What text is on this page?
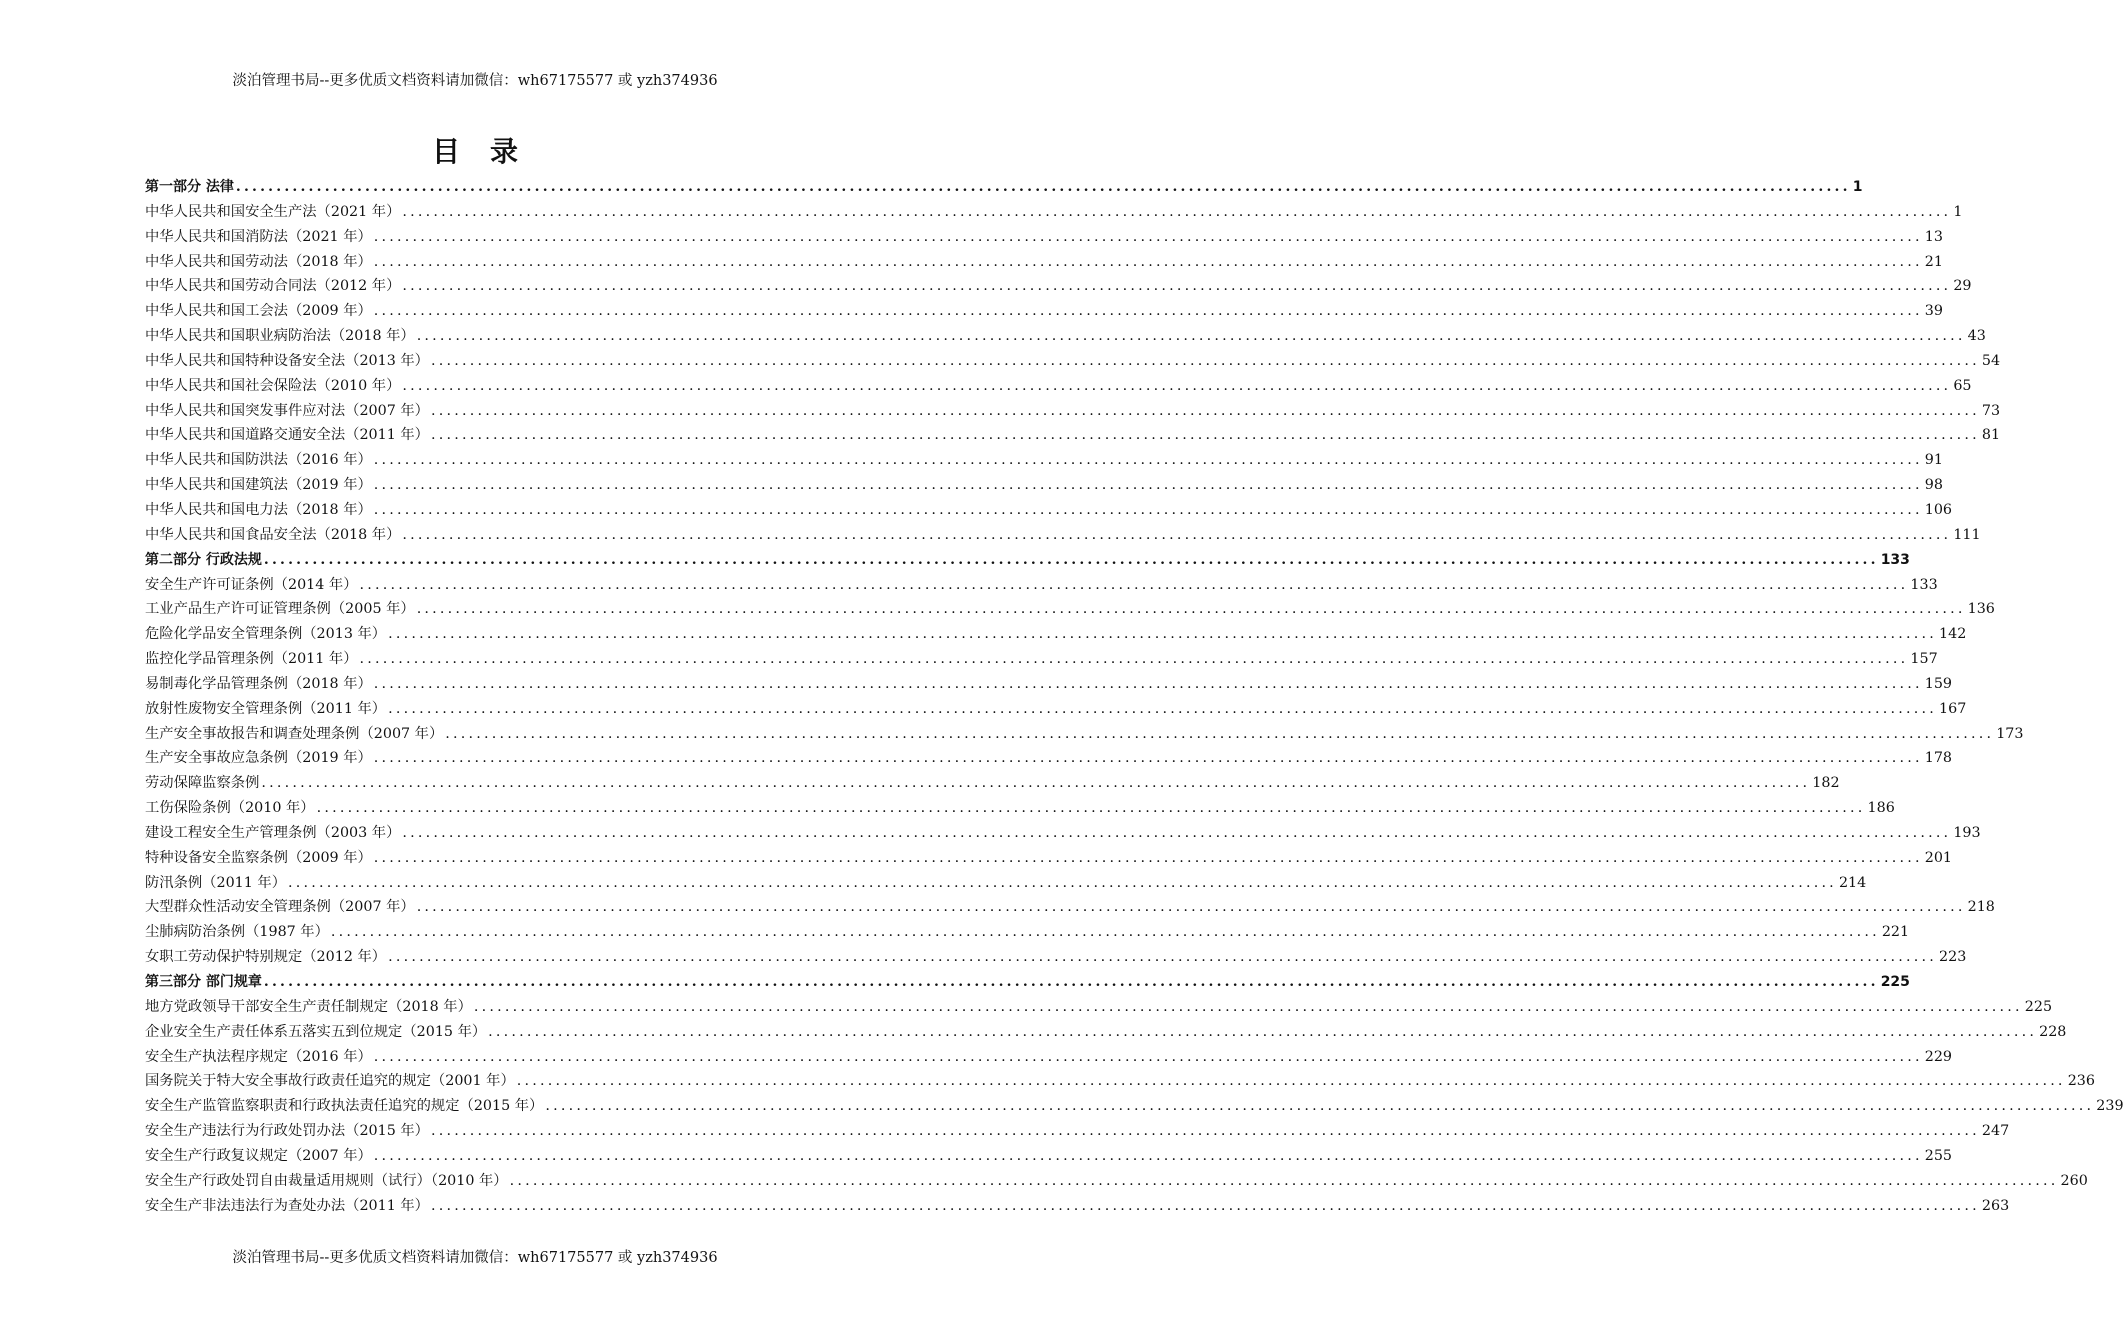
淡泊管理书局--更多优质文档资料请加微信：wh67175577 或 yzh374936
目录
第一部分 法律 ........................................................................................................................................................................................................ 1
中华人民共和国安全生产法（2021 年） ........................................................................................................................................................................................................ 1
中华人民共和国消防法（2021 年） ........................................................................................................................................................................................................ 13
中华人民共和国劳动法（2018 年） ........................................................................................................................................................................................................ 21
中华人民共和国劳动合同法（2012 年） ........................................................................................................................................................................................................ 29
中华人民共和国工会法（2009 年） ........................................................................................................................................................................................................ 39
中华人民共和国职业病防治法（2018 年） ........................................................................................................................................................................................................ 43
中华人民共和国特种设备安全法（2013 年） ........................................................................................................................................................................................................ 54
中华人民共和国社会保险法（2010 年） ........................................................................................................................................................................................................ 65
中华人民共和国突发事件应对法（2007 年） ........................................................................................................................................................................................................ 73
中华人民共和国道路交通安全法（2011 年） ........................................................................................................................................................................................................ 81
中华人民共和国防洪法（2016 年） ........................................................................................................................................................................................................ 91
中华人民共和国建筑法（2019 年） ........................................................................................................................................................................................................ 98
中华人民共和国电力法（2018 年） ........................................................................................................................................................................................................ 106
中华人民共和国食品安全法（2018 年） ........................................................................................................................................................................................................ 111
第二部分 行政法规 ........................................................................................................................................................................................................ 133
安全生产许可证条例（2014 年） ........................................................................................................................................................................................................ 133
工业产品生产许可证管理条例（2005 年） ........................................................................................................................................................................................................ 136
危险化学品安全管理条例（2013 年） ........................................................................................................................................................................................................ 142
监控化学品管理条例（2011 年） ........................................................................................................................................................................................................ 157
易制毒化学品管理条例（2018 年） ........................................................................................................................................................................................................ 159
放射性废物安全管理条例（2011 年） ........................................................................................................................................................................................................ 167
生产安全事故报告和调查处理条例（2007 年） ........................................................................................................................................................................................................ 173
生产安全事故应急条例（2019 年） ........................................................................................................................................................................................................ 178
劳动保障监察条例 ........................................................................................................................................................................................................ 182
工伤保险条例（2010 年） ........................................................................................................................................................................................................ 186
建设工程安全生产管理条例（2003 年） ........................................................................................................................................................................................................ 193
特种设备安全监察条例（2009 年） ........................................................................................................................................................................................................ 201
防汛条例（2011 年） ........................................................................................................................................................................................................ 214
大型群众性活动安全管理条例（2007 年） ........................................................................................................................................................................................................ 218
尘肺病防治条例（1987 年） ........................................................................................................................................................................................................ 221
女职工劳动保护特别规定（2012 年） ........................................................................................................................................................................................................ 223
第三部分 部门规章 ........................................................................................................................................................................................................ 225
地方党政领导干部安全生产责任制规定（2018 年） ........................................................................................................................................................................................................ 225
企业安全生产责任体系五落实五到位规定（2015 年） ........................................................................................................................................................................................................ 228
安全生产执法程序规定（2016 年） ........................................................................................................................................................................................................ 229
国务院关于特大安全事故行政责任追究的规定（2001 年） ........................................................................................................................................................................................................ 236
安全生产监管监察职责和行政执法责任追究的规定（2015 年） ........................................................................................................................................................................................................ 239
安全生产违法行为行政处罚办法（2015 年） ........................................................................................................................................................................................................ 247
安全生产行政复议规定（2007 年） ........................................................................................................................................................................................................ 255
安全生产行政处罚自由裁量适用规则（试行）（2010 年） ........................................................................................................................................................................................................ 260
安全生产非法违法行为查处办法（2011 年） ........................................................................................................................................................................................................ 263
淡泊管理书局--更多优质文档资料请加微信：wh67175577 或 yzh374936
